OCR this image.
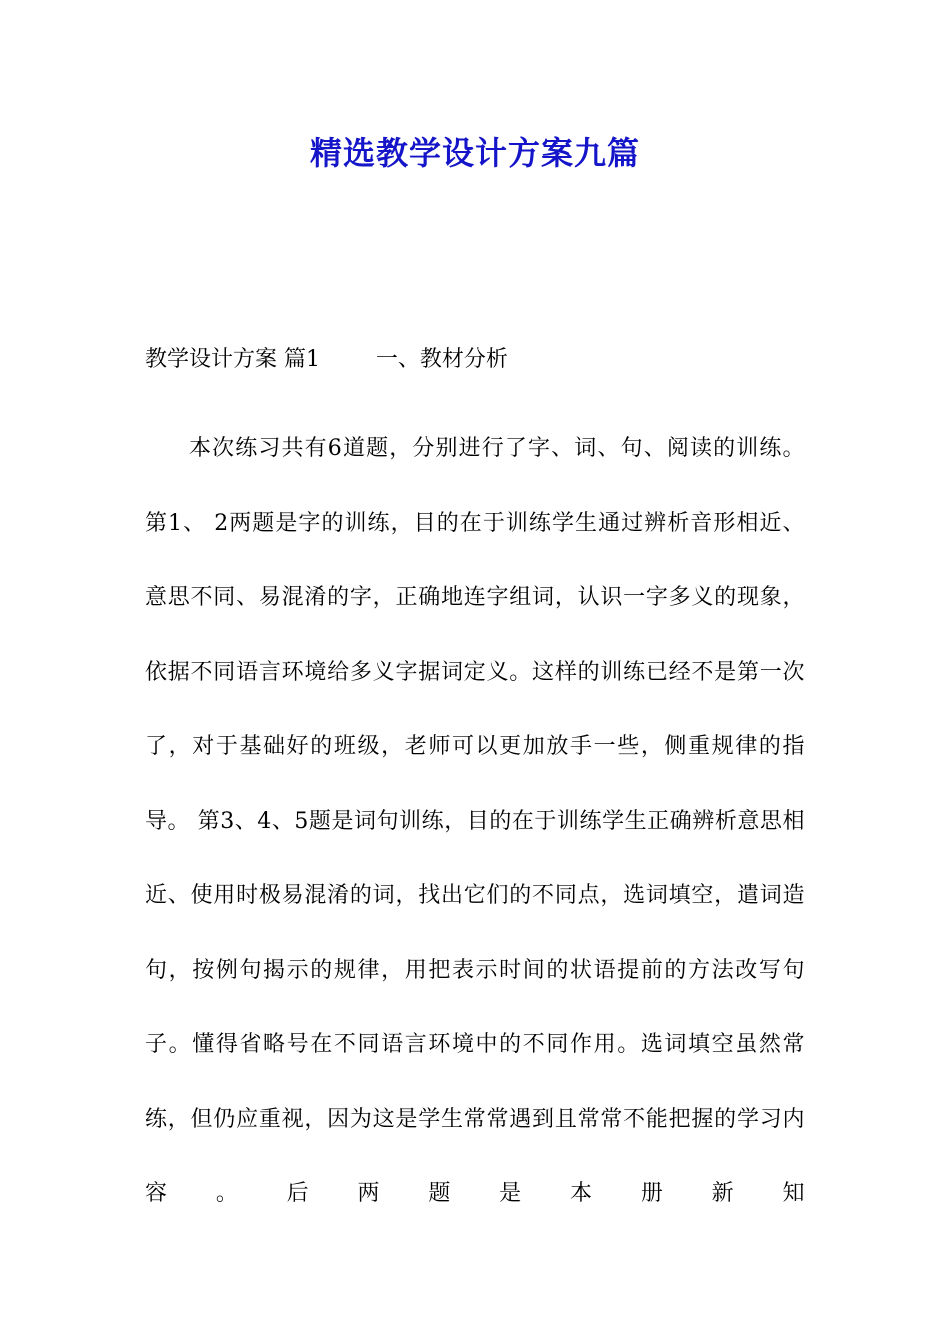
精选教学设计方案九篇
教学设计方案 篇1        一、教材分析

本次练习共有6道题，分别进行了字、词、句、阅读的训练。 第1、 2两题是字的训练，目的在于训练学生通过辨析音形相近、意思不同、易混淆的字，正确地连字组词，认识一字多义的现象，依据不同语言环境给多义字据词定义。这样的训练已经不是第一次了，对于基础好的班级，老师可以更加放手一些，侧重规律的指导。 第3、4、5题是词句训练，目的在于训练学生正确辨析意思相近、使用时极易混淆的词，找出它们的不同点，选词填空，遣词造句，按例句揭示的规律，用把表示时间的状语提前的方法改写句子。懂得省略号在不同语言环境中的不同作用。选词填空虽然常练，但仍应重视，因为这是学生常常遇到且常常不能把握的学习内容。后两题是本册新知
